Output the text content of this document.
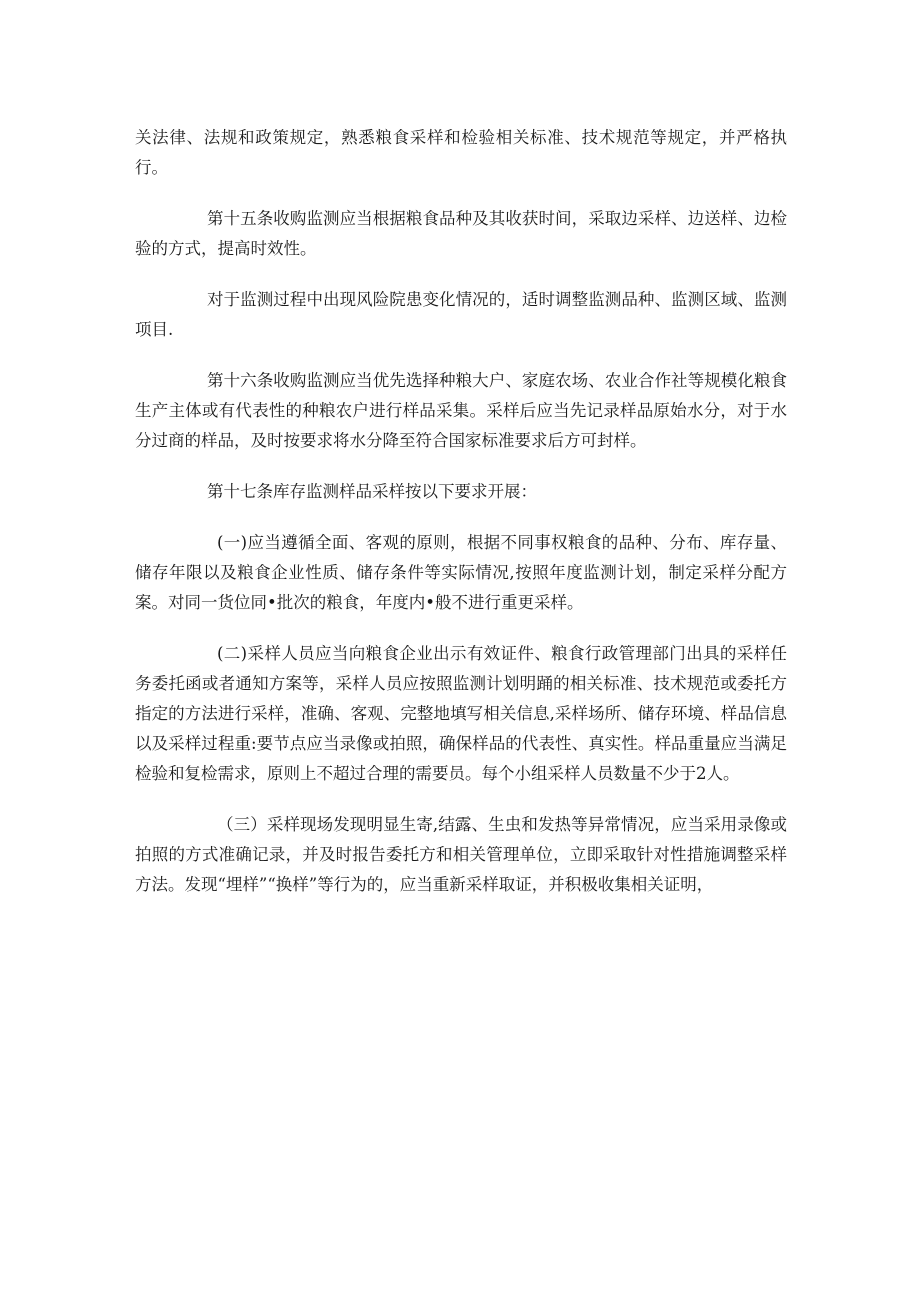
关法律、法规和政策规定，熟悉粮食采样和检验相关标准、技术规范等规定，并严格执行。

第十五条收购监测应当根据粮食品种及其收获时间，采取边采样、边送样、边检验的方式，提高时效性。

对于监测过程中出现风险院患变化情况的，适时调整监测品种、监测区域、监测项目.

第十六条收购监测应当优先选择种粮大户、家庭农场、农业合作社等规模化粮食生产主体或有代表性的种粮农户进行样品采集。采样后应当先记录样品原始水分，对于水分过商的样品，及时按要求将水分降至符合国家标准要求后方可封样。

第十七条库存监测样品采样按以下要求开展：

(一)应当遵循全面、客观的原则，根据不同事权粮食的品种、分布、库存量、储存年限以及粮食企业性质、储存条件等实际情况,按照年度监测计划，制定采样分配方案。对同一货位同•批次的粮食，年度内•般不进行重更采样。

(二)采样人员应当向粮食企业出示有效证件、粮食行政管理部门出具的采样任务委托函或者通知方案等，采样人员应按照监测计划明踊的相关标准、技术规范或委托方指定的方法进行采样，准确、客观、完整地填写相关信息,采样场所、储存环境、样品信息以及采样过程重:要节点应当录像或拍照，确保样品的代表性、真实性。样品重量应当满足检验和复检需求，原则上不超过合理的需要员。每个小组采样人员数量不少于2人。

（三）采样现场发现明显生寄,结露、生虫和发热等异常情况，应当采用录像或拍照的方式准确记录，并及时报告委托方和相关管理单位，立即采取针对性措施调整采样方法。发现“埋样”“换样”等行为的，应当重新采样取证，并积极收集相关证明，
